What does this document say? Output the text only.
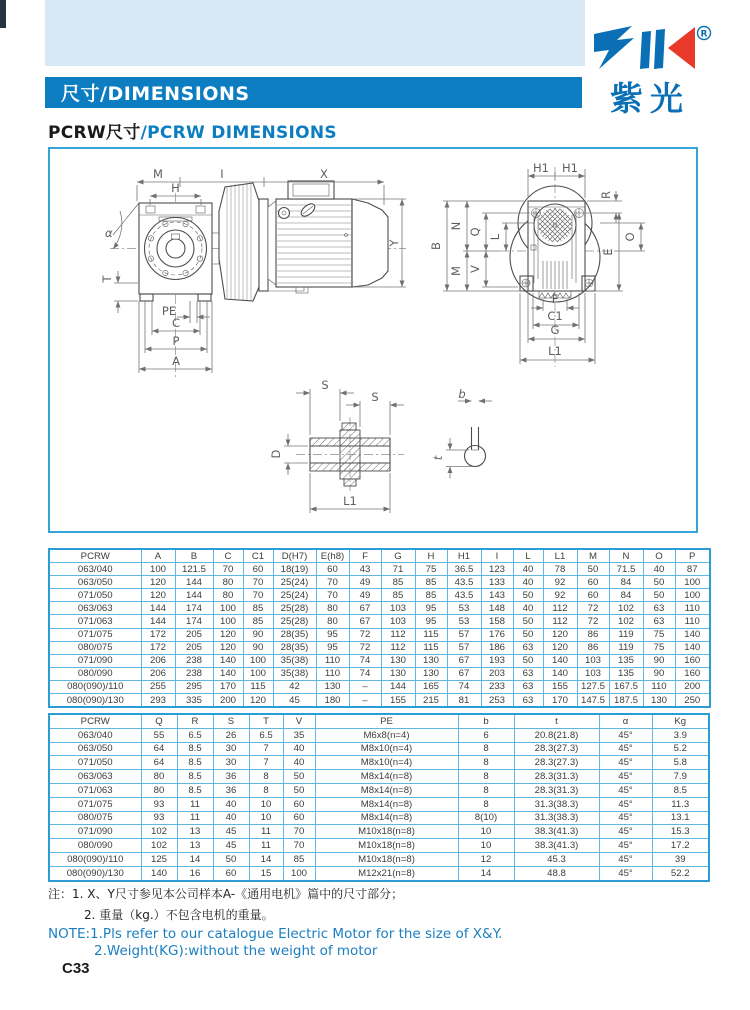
尺寸/DIMENSIONS
R
紫光
PCRW尺寸/PCRW DIMENSIONS
M	I	X
H
α
T
PE
C
P
A
Y
H1 H1
R
B
N
M
Q
V
L
E
O
F
C1
G
L1
S
S
D
L1
b
t
PCRW	A	B	C	C1	D(H7)	E(h8)	F	G	H	H1	I	L	L1	M	N	O	P
063/040	100	121.5	70	60	18(19)	60	43	71	75	36.5	123	40	78	50	71.5	40	87
063/050	120	144	80	70	25(24)	70	49	85	85	43.5	133	40	92	60	84	50	100
071/050	120	144	80	70	25(24)	70	49	85	85	43.5	143	50	92	60	84	50	100
063/063	144	174	100	85	25(28)	80	67	103	95	53	148	40	112	72	102	63	110
071/063	144	174	100	85	25(28)	80	67	103	95	53	158	50	112	72	102	63	110
071/075	172	205	120	90	28(35)	95	72	112	115	57	176	50	120	86	119	75	140
080/075	172	205	120	90	28(35)	95	72	112	115	57	186	63	120	86	119	75	140
071/090	206	238	140	100	35(38)	110	74	130	130	67	193	50	140	103	135	90	160
080/090	206	238	140	100	35(38)	110	74	130	130	67	203	63	140	103	135	90	160
080(090)/110	255	295	170	115	42	130	–	144	165	74	233	63	155	127.5	167.5	110	200
080(090)/130	293	335	200	120	45	180	–	155	215	81	253	63	170	147.5	187.5	130	250
PCRW	Q	R	S	T	V	PE	b	t	α	Kg
063/040	55	6.5	26	6.5	35	M6x8(n=4)	6	20.8(21.8)	45°	3.9
063/050	64	8.5	30	7	40	M8x10(n=4)	8	28.3(27.3)	45°	5.2
071/050	64	8.5	30	7	40	M8x10(n=4)	8	28.3(27.3)	45°	5.8
063/063	80	8.5	36	8	50	M8x14(n=8)	8	28.3(31.3)	45°	7.9
071/063	80	8.5	36	8	50	M8x14(n=8)	8	28.3(31.3)	45°	8.5
071/075	93	11	40	10	60	M8x14(n=8)	8	31.3(38.3)	45°	11.3
080/075	93	11	40	10	60	M8x14(n=8)	8(10)	31.3(38.3)	45°	13.1
071/090	102	13	45	11	70	M10x18(n=8)	10	38.3(41.3)	45°	15.3
080/090	102	13	45	11	70	M10x18(n=8)	10	38.3(41.3)	45°	17.2
080(090)/110	125	14	50	14	85	M10x18(n=8)	12	45.3	45°	39
080(090)/130	140	16	60	15	100	M12x21(n=8)	14	48.8	45°	52.2
注：1. X、Y尺寸参见本公司样本A-《通用电机》篇中的尺寸部分；
2. 重量（kg.）不包含电机的重量。
NOTE:1.Pls refer to our catalogue Electric Motor for the size of X&Y.
2.Weight(KG):without the weight of motor
C33
